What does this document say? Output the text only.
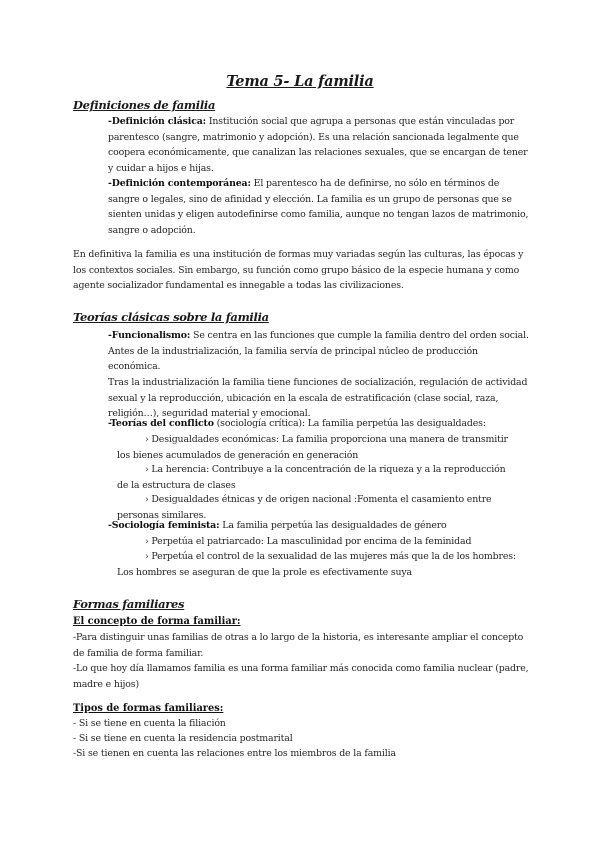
Tema 5- La familia
Definiciones de familia
-Definición clásica: Institución social que agrupa a personas que están vinculadas por parentesco (sangre, matrimonio y adopción). Es una relación sancionada legalmente que coopera económicamente, que canalizan las relaciones sexuales, que se encargan de tener y cuidar a hijos e hijas.
-Definición contemporánea: El parentesco ha de definirse, no sólo en términos de sangre o legales, sino de afinidad y elección. La familia es un grupo de personas que se sienten unidas y eligen autodefinirse como familia, aunque no tengan lazos de matrimonio, sangre o adopción.
En definitiva la familia es una institución de formas muy variadas según las culturas, las épocas y los contextos sociales. Sin embargo, su función como grupo básico de la especie humana y como agente socializador fundamental es innegable a todas las civilizaciones.
Teorías clásicas sobre la familia
-Funcionalismo: Se centra en las funciones que cumple la familia dentro del orden social. Antes de la industrialización, la familia servía de principal núcleo de producción económica.
Tras la industrialización la familia tiene funciones de socialización, regulación de actividad sexual y la reproducción, ubicación en la escala de estratificación (clase social, raza, religión…), seguridad material y emocional.
-Teorías del conflicto (sociología crítica): La familia perpetúa las desigualdades:
› Desigualdades económicas: La familia proporciona una manera de transmitir los bienes acumulados de generación en generación
› La herencia: Contribuye a la concentración de la riqueza y a la reproducción de la estructura de clases
› Desigualdades étnicas y de origen nacional :Fomenta el casamiento entre personas similares.
-Sociología feminista: La familia perpetúa las desigualdades de género
› Perpetúa el patriarcado: La masculinidad por encima de la feminidad
› Perpetúa el control de la sexualidad de las mujeres más que la de los hombres: Los hombres se aseguran de que la prole es efectivamente suya
Formas familiares
El concepto de forma familiar:
-Para distinguir unas familias de otras a lo largo de la historia, es interesante ampliar el concepto de familia de forma familiar.
-Lo que hoy día llamamos familia es una forma familiar más conocida como familia nuclear (padre, madre e hijos)
Tipos de formas familiares:
- Si se tiene en cuenta la filiación
- Si se tiene en cuenta la residencia postmarital
-Si se tienen en cuenta las relaciones entre los miembros de la familia
